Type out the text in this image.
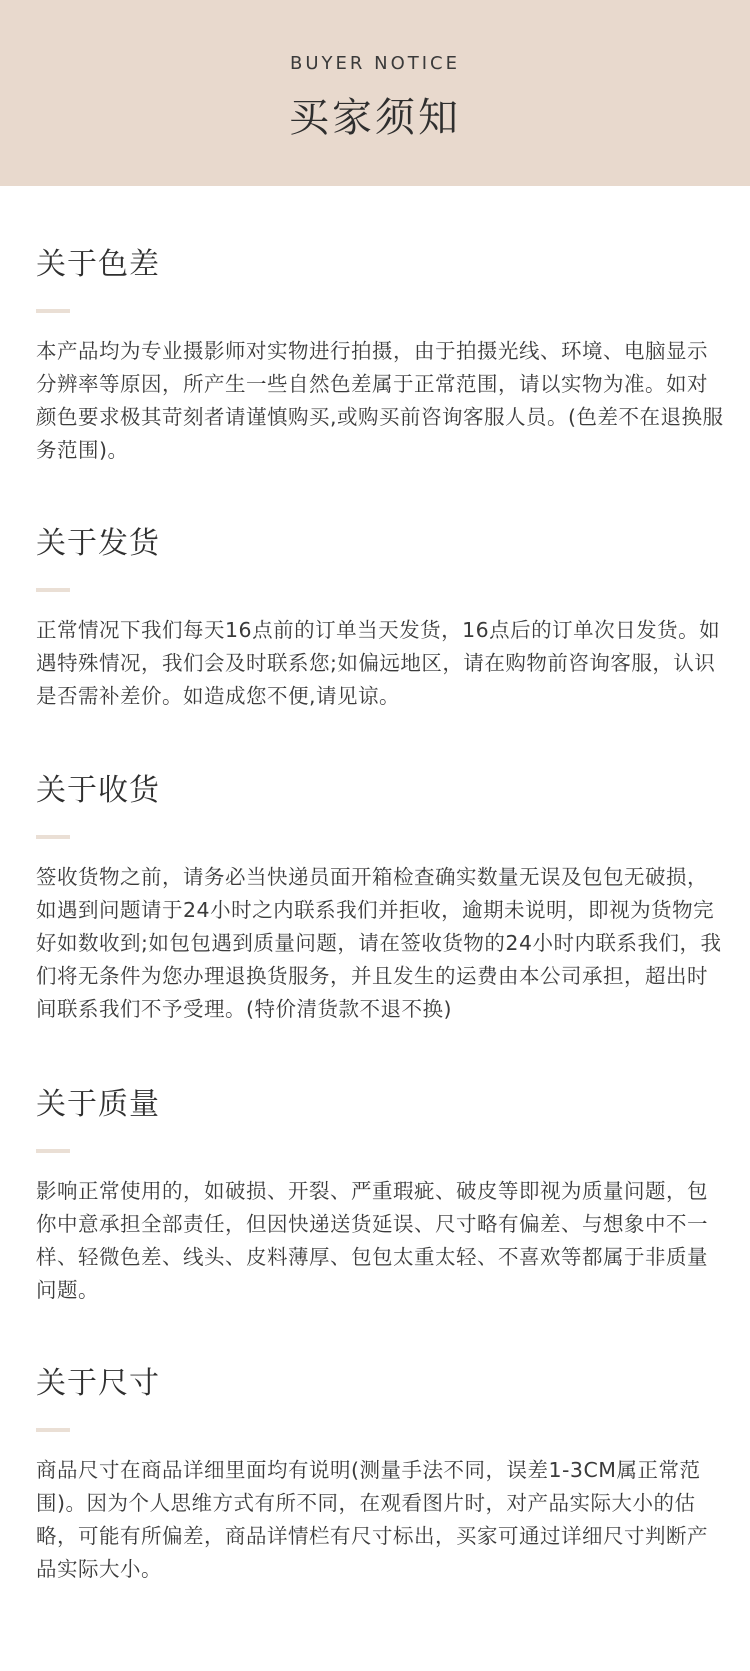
BUYER NOTICE
买家须知
关于色差

本产品均为专业摄影师对实物进行拍摄，由于拍摄光线、环境、电脑显示分辨率等原因，所产生一些自然色差属于正常范围，请以实物为准。如对颜色要求极其苛刻者请谨慎购买,或购买前咨询客服人员。(色差不在退换服务范围)。

关于发货

正常情况下我们每天16点前的订单当天发货，16点后的订单次日发货。如遇特殊情况，我们会及时联系您;如偏远地区，请在购物前咨询客服，认识是否需补差价。如造成您不便,请见谅。

关于收货

签收货物之前，请务必当快递员面开箱检查确实数量无误及包包无破损，如遇到问题请于24小时之内联系我们并拒收，逾期未说明，即视为货物完好如数收到;如包包遇到质量问题，请在签收货物的24小时内联系我们，我们将无条件为您办理退换货服务，并且发生的运费由本公司承担，超出时间联系我们不予受理。(特价清货款不退不换)

关于质量

影响正常使用的，如破损、开裂、严重瑕疵、破皮等即视为质量问题，包你中意承担全部责任，但因快递送货延误、尺寸略有偏差、与想象中不一样、轻微色差、线头、皮料薄厚、包包太重太轻、不喜欢等都属于非质量问题。

关于尺寸

商品尺寸在商品详细里面均有说明(测量手法不同，误差1-3CM属正常范围)。因为个人思维方式有所不同，在观看图片时，对产品实际大小的估略，可能有所偏差，商品详情栏有尺寸标出，买家可通过详细尺寸判断产品实际大小。
